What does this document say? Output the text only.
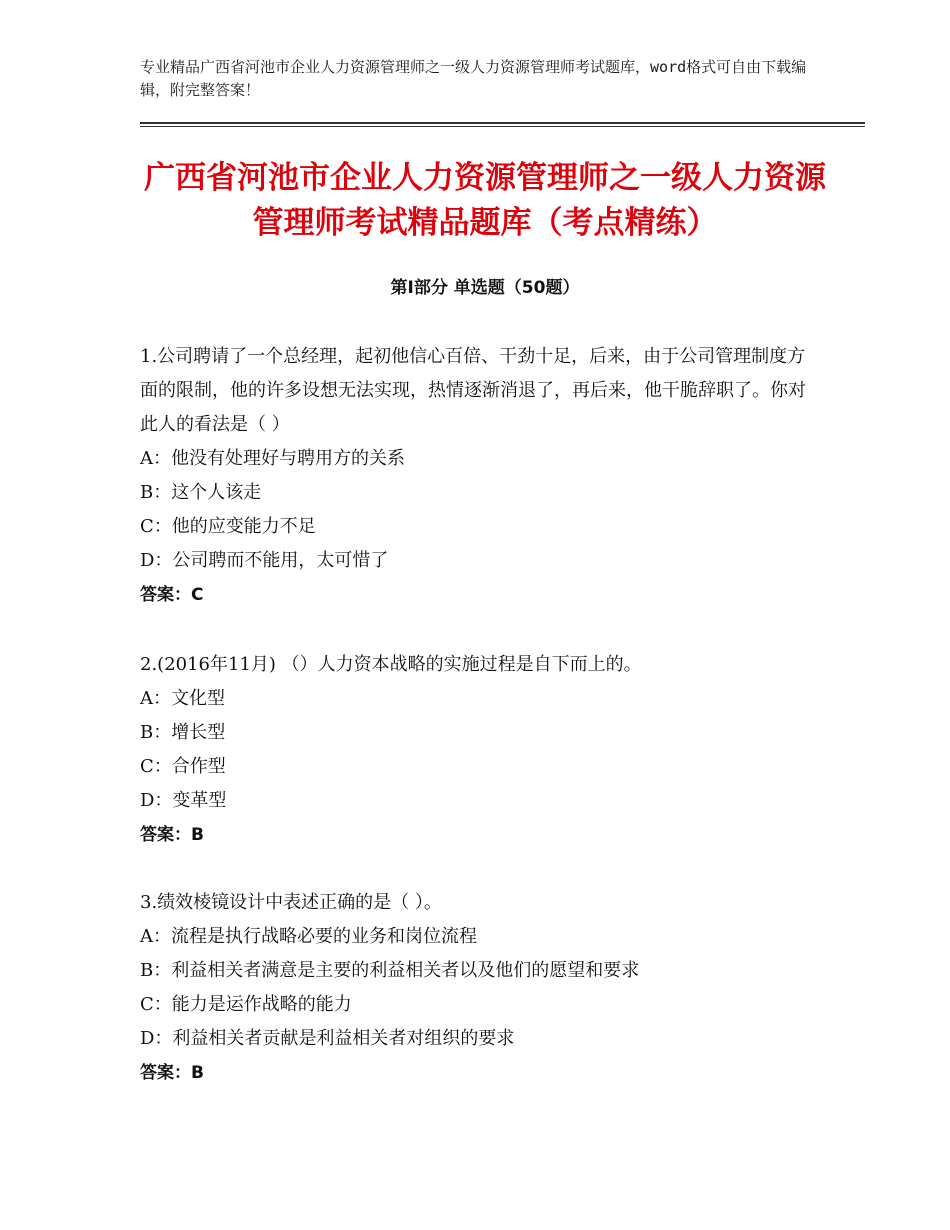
专业精品广西省河池市企业人力资源管理师之一级人力资源管理师考试题库，word格式可自由下载编辑，附完整答案！
广西省河池市企业人力资源管理师之一级人力资源管理师考试精品题库（考点精练）
第Ⅰ部分 单选题（50题）
1.公司聘请了一个总经理，起初他信心百倍、干劲十足，后来，由于公司管理制度方面的限制，他的许多设想无法实现，热情逐渐消退了，再后来，他干脆辞职了。你对此人的看法是（ ）
A：他没有处理好与聘用方的关系
B：这个人该走
C：他的应变能力不足
D：公司聘而不能用，太可惜了
答案：C
2.(2016年11月) （）人力资本战略的实施过程是自下而上的。
A：文化型
B：增长型
C：合作型
D：变革型
答案：B
3.绩效棱镜设计中表述正确的是（ ）。
A：流程是执行战略必要的业务和岗位流程
B：利益相关者满意是主要的利益相关者以及他们的愿望和要求
C：能力是运作战略的能力
D：利益相关者贡献是利益相关者对组织的要求
答案：B
